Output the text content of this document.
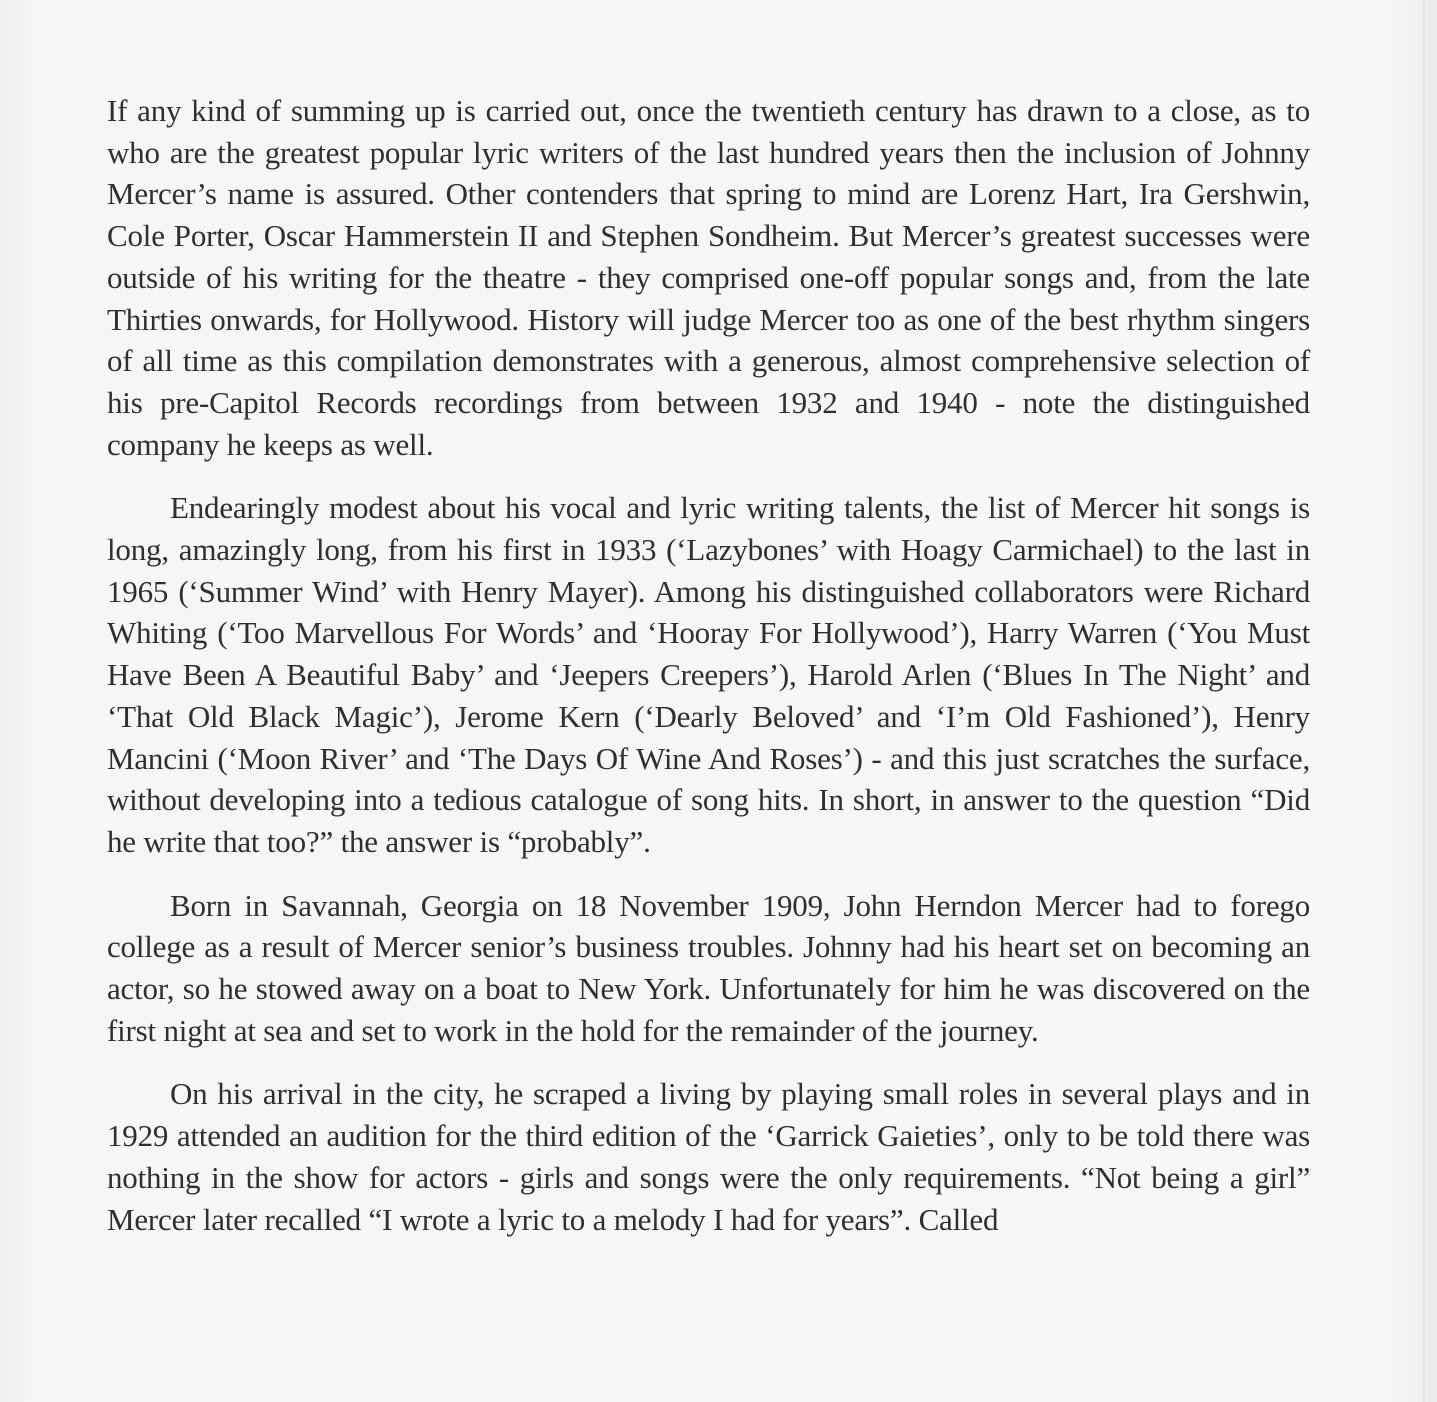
If any kind of summing up is carried out, once the twentieth century has drawn to a close, as to who are the greatest popular lyric writers of the last hundred years then the inclusion of Johnny Mercer’s name is assured. Other contenders that spring to mind are Lorenz Hart, Ira Gershwin, Cole Porter, Oscar Hammerstein II and Stephen Sondheim. But Mercer’s greatest successes were outside of his writing for the theatre - they comprised one-off popular songs and, from the late Thirties onwards, for Hollywood. History will judge Mercer too as one of the best rhythm singers of all time as this compilation demonstrates with a generous, almost comprehensive selection of his pre-Capitol Records recordings from between 1932 and 1940 - note the distinguished company he keeps as well.

Endearingly modest about his vocal and lyric writing talents, the list of Mercer hit songs is long, amazingly long, from his first in 1933 (‘Lazybones’ with Hoagy Carmichael) to the last in 1965 (‘Summer Wind’ with Henry Mayer). Among his distinguished collaborators were Richard Whiting (‘Too Marvellous For Words’ and ‘Hooray For Hollywood’), Harry Warren (‘You Must Have Been A Beautiful Baby’ and ‘Jeepers Creepers’), Harold Arlen (‘Blues In The Night’ and ‘That Old Black Magic’), Jerome Kern (‘Dearly Beloved’ and ‘I’m Old Fashioned’), Henry Mancini (‘Moon River’ and ‘The Days Of Wine And Roses’) - and this just scratches the surface, without developing into a tedious catalogue of song hits. In short, in answer to the question “Did he write that too?” the answer is “probably”.

Born in Savannah, Georgia on 18 November 1909, John Herndon Mercer had to forego college as a result of Mercer senior’s business troubles. Johnny had his heart set on becoming an actor, so he stowed away on a boat to New York. Unfortunately for him he was discovered on the first night at sea and set to work in the hold for the remainder of the journey.

On his arrival in the city, he scraped a living by playing small roles in several plays and in 1929 attended an audition for the third edition of the ‘Garrick Gaieties’, only to be told there was nothing in the show for actors - girls and songs were the only requirements. “Not being a girl” Mercer later recalled “I wrote a lyric to a melody I had for years”. Called
